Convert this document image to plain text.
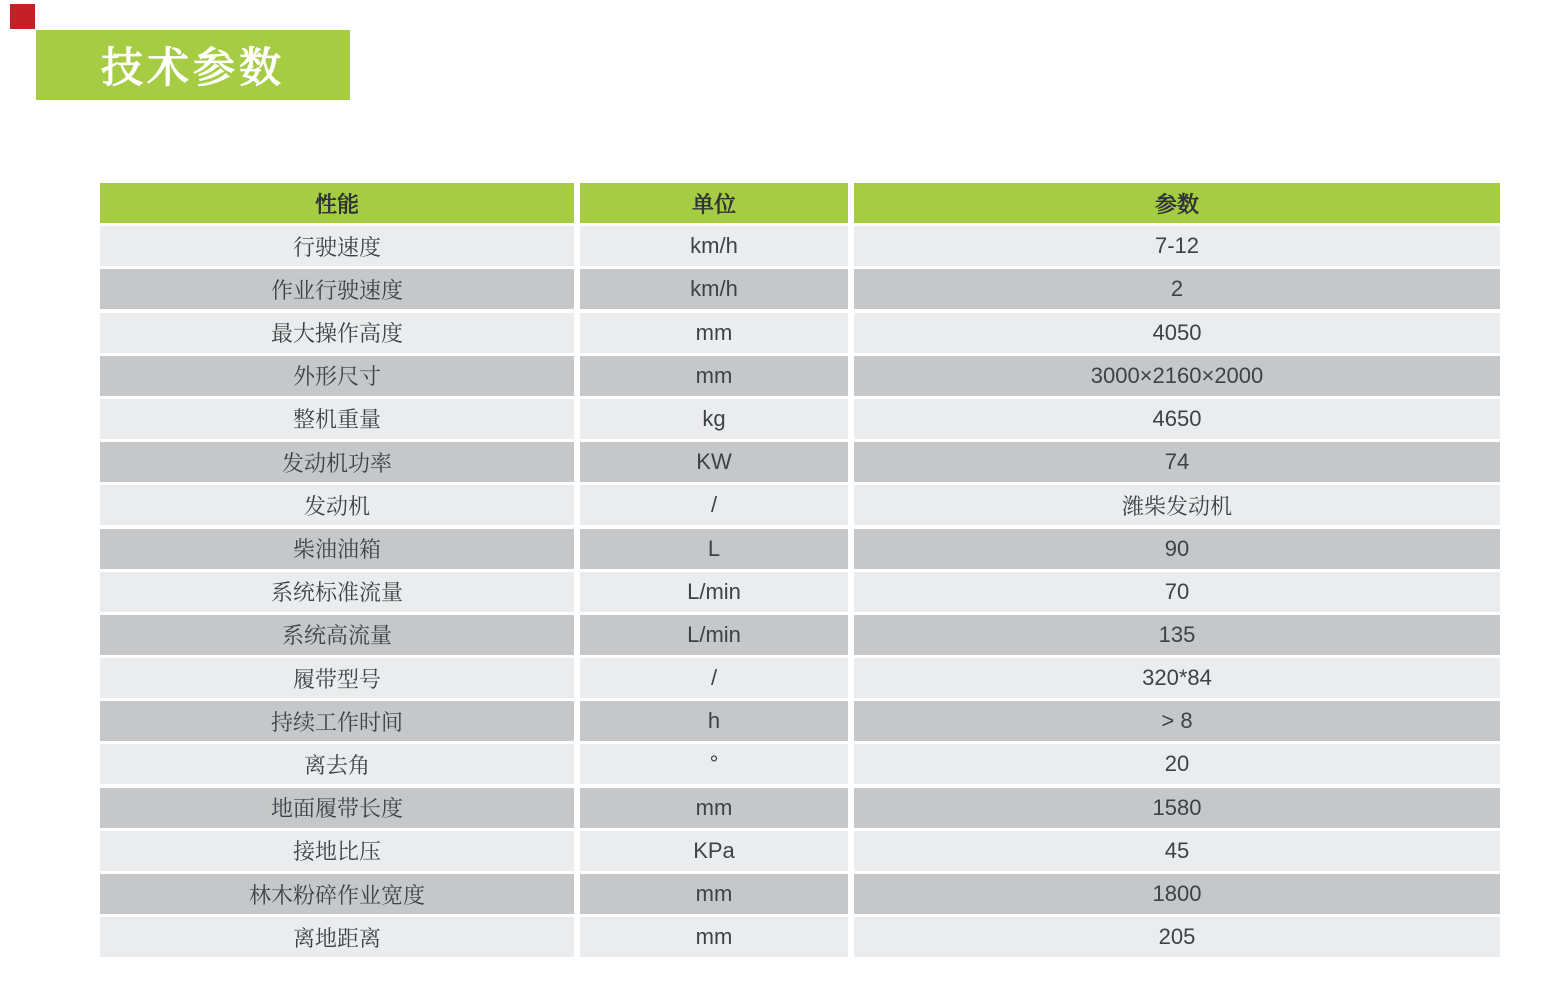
技术参数
性能	单位	参数
行驶速度	km/h	7-12
作业行驶速度	km/h	2
最大操作高度	mm	4050
外形尺寸	mm	3000×2160×2000
整机重量	kg	4650
发动机功率	KW	74
发动机	/	潍柴发动机
柴油油箱	L	90
系统标准流量	L/min	70
系统高流量	L/min	135
履带型号	/	320*84
持续工作时间	h	> 8
离去角	°	20
地面履带长度	mm	1580
接地比压	KPa	45
林木粉碎作业宽度	mm	1800
离地距离	mm	205
